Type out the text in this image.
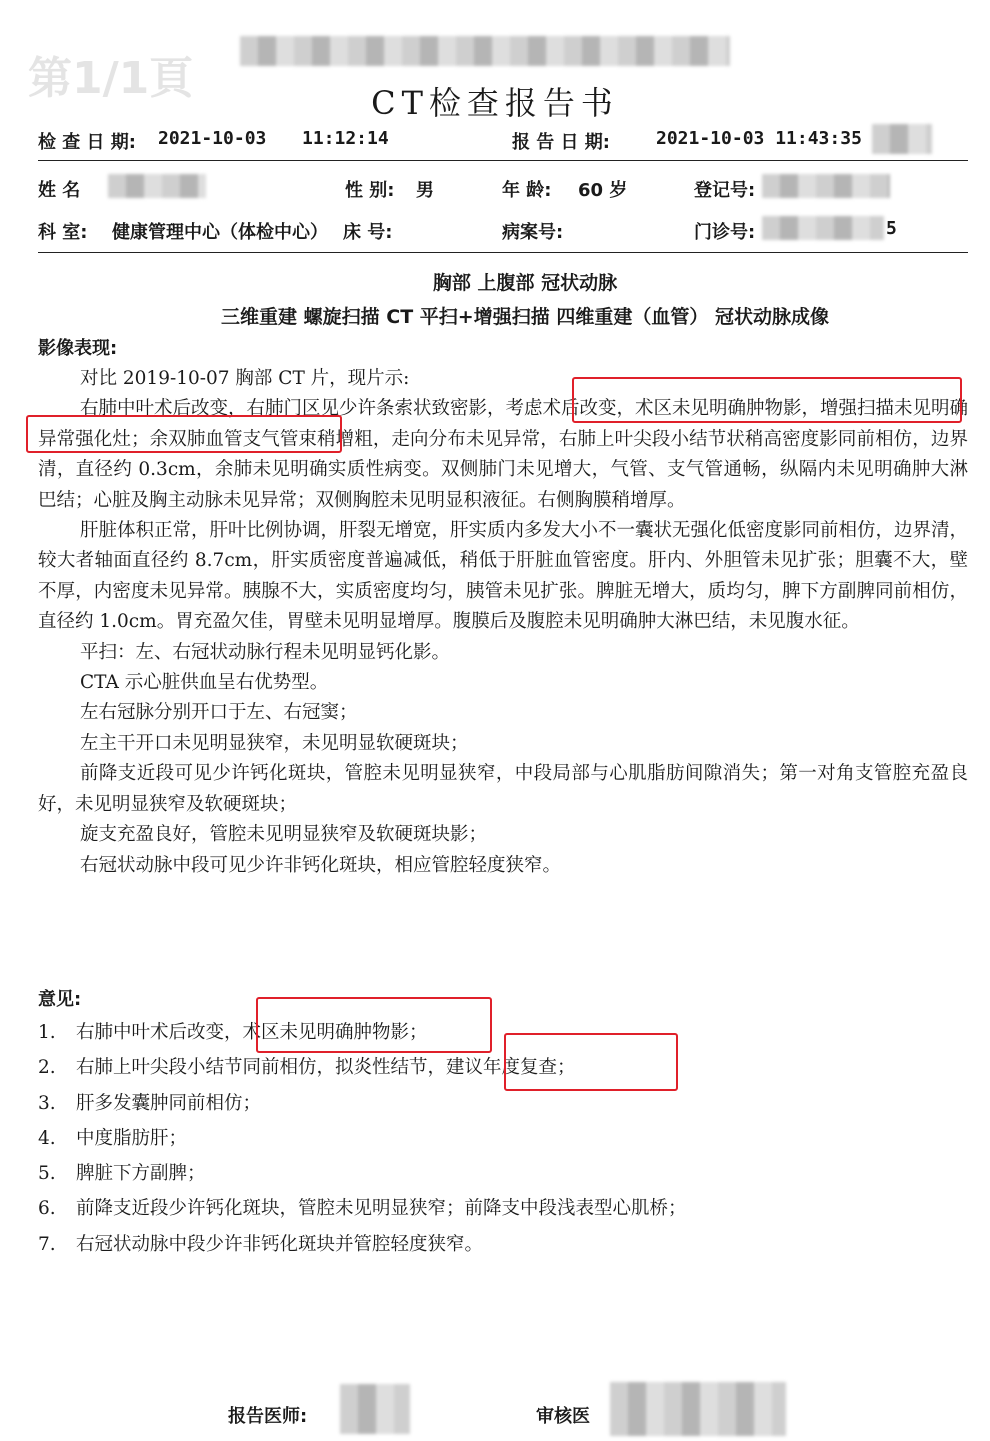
第1/1頁	CT检查报告书
检 查 日 期: 2021-10-03 11:12:14	报 告 日 期:	2021-10-03 11:43:35
姓 名	性 别: 男	年 龄: 60 岁	登记号:
科 室: 健康管理中心（体检中心） 床 号:	病案号:	门诊号:	5
胸部 上腹部 冠状动脉
三维重建 螺旋扫描 CT 平扫+增强扫描 四维重建（血管） 冠状动脉成像
影像表现:

对比 2019-10-07 胸部 CT 片，现片示:

右肺中叶术后改变，右肺门区见少许条索状致密影，考虑术后改变，术区未见明确肿物影，增强扫描未见明确异常强化灶；余双肺血管支气管束稍增粗，走向分布未见异常，右肺上叶尖段小结节状稍高密度影同前相仿，边界清，直径约 0.3cm，余肺未见明确实质性病变。双侧肺门未见增大，气管、支气管通畅，纵隔内未见明确肿大淋巴结；心脏及胸主动脉未见异常；双侧胸腔未见明显积液征。右侧胸膜稍增厚。

肝脏体积正常，肝叶比例协调，肝裂无增宽，肝实质内多发大小不一囊状无强化低密度影同前相仿，边界清，较大者轴面直径约 8.7cm，肝实质密度普遍减低，稍低于肝脏血管密度。肝内、外胆管未见扩张；胆囊不大，壁不厚，内密度未见异常。胰腺不大，实质密度均匀，胰管未见扩张。脾脏无增大，质均匀，脾下方副脾同前相仿，直径约 1.0cm。胃充盈欠佳，胃壁未见明显增厚。腹膜后及腹腔未见明确肿大淋巴结，未见腹水征。

平扫：左、右冠状动脉行程未见明显钙化影。

CTA 示心脏供血呈右优势型。

左右冠脉分别开口于左、右冠窦；

左主干开口未见明显狭窄，未见明显软硬斑块；

前降支近段可见少许钙化斑块，管腔未见明显狭窄，中段局部与心肌脂肪间隙消失；第一对角支管腔充盈良好，未见明显狭窄及软硬斑块；

旋支充盈良好，管腔未见明显狭窄及软硬斑块影；

右冠状动脉中段可见少许非钙化斑块，相应管腔轻度狭窄。

意见:
1.	右肺中叶术后改变，术区未见明确肿物影；
2.	右肺上叶尖段小结节同前相仿，拟炎性结节，建议年度复查；
3.	肝多发囊肿同前相仿；
4.	中度脂肪肝；
5.	脾脏下方副脾；
6.	前降支近段少许钙化斑块，管腔未见明显狭窄；前降支中段浅表型心肌桥；
7.	右冠状动脉中段少许非钙化斑块并管腔轻度狭窄。
报告医师:	审核医
